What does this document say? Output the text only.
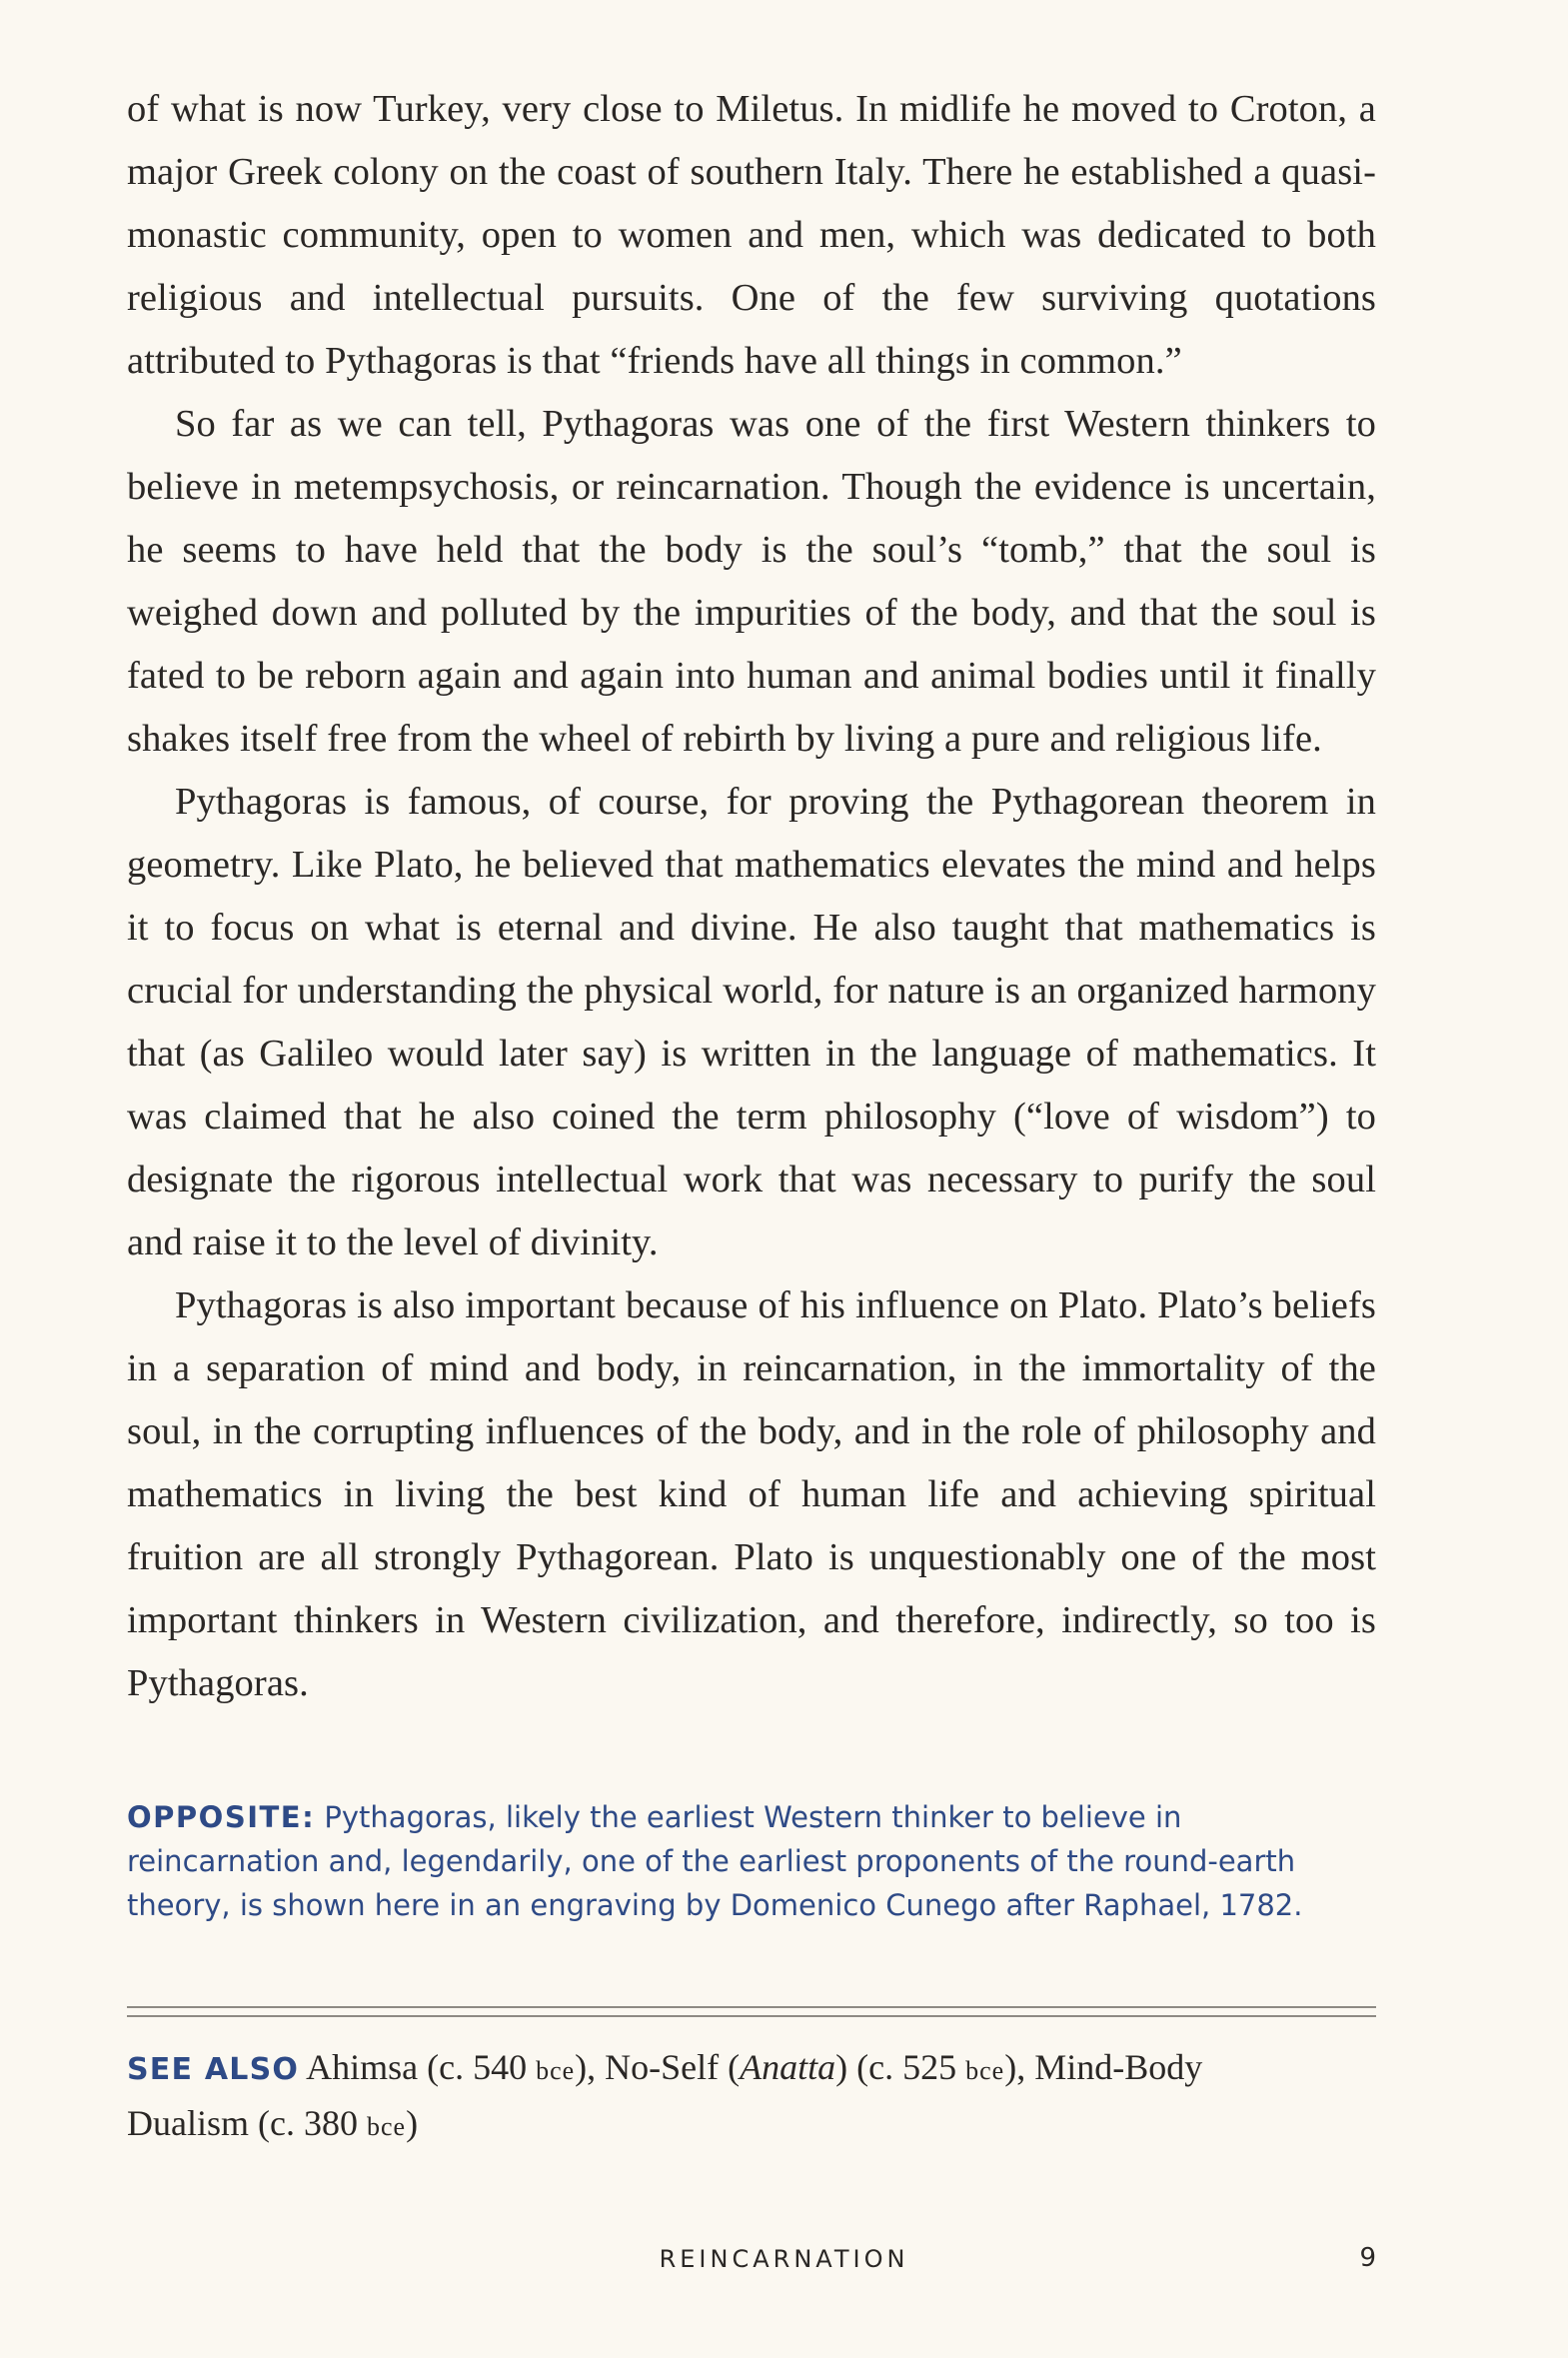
of what is now Turkey, very close to Miletus. In midlife he moved to Croton, a major Greek colony on the coast of southern Italy. There he established a quasi-monastic community, open to women and men, which was dedicated to both religious and intellectual pursuits. One of the few surviving quotations attributed to Pythagoras is that “friends have all things in common.”

So far as we can tell, Pythagoras was one of the first Western thinkers to believe in metempsychosis, or reincarnation. Though the evidence is uncertain, he seems to have held that the body is the soul’s “tomb,” that the soul is weighed down and polluted by the impurities of the body, and that the soul is fated to be reborn again and again into human and animal bodies until it finally shakes itself free from the wheel of rebirth by living a pure and religious life.

Pythagoras is famous, of course, for proving the Pythagorean theorem in geometry. Like Plato, he believed that mathematics elevates the mind and helps it to focus on what is eternal and divine. He also taught that mathematics is crucial for understanding the physical world, for nature is an organized harmony that (as Galileo would later say) is written in the language of mathematics. It was claimed that he also coined the term philosophy (“love of wisdom”) to designate the rigorous intellectual work that was necessary to purify the soul and raise it to the level of divinity.

Pythagoras is also important because of his influence on Plato. Plato’s beliefs in a separation of mind and body, in reincarnation, in the immortality of the soul, in the corrupting influences of the body, and in the role of philosophy and mathematics in living the best kind of human life and achieving spiritual fruition are all strongly Pythagorean. Plato is unquestionably one of the most important thinkers in Western civilization, and therefore, indirectly, so too is Pythagoras.

OPPOSITE: Pythagoras, likely the earliest Western thinker to believe in reincarnation and, legendarily, one of the earliest proponents of the round-earth theory, is shown here in an engraving by Domenico Cunego after Raphael, 1782.
SEE ALSO Ahimsa (c. 540 bce), No-Self (Anatta) (c. 525 bce), Mind-Body Dualism (c. 380 bce)
REINCARNATION	9
